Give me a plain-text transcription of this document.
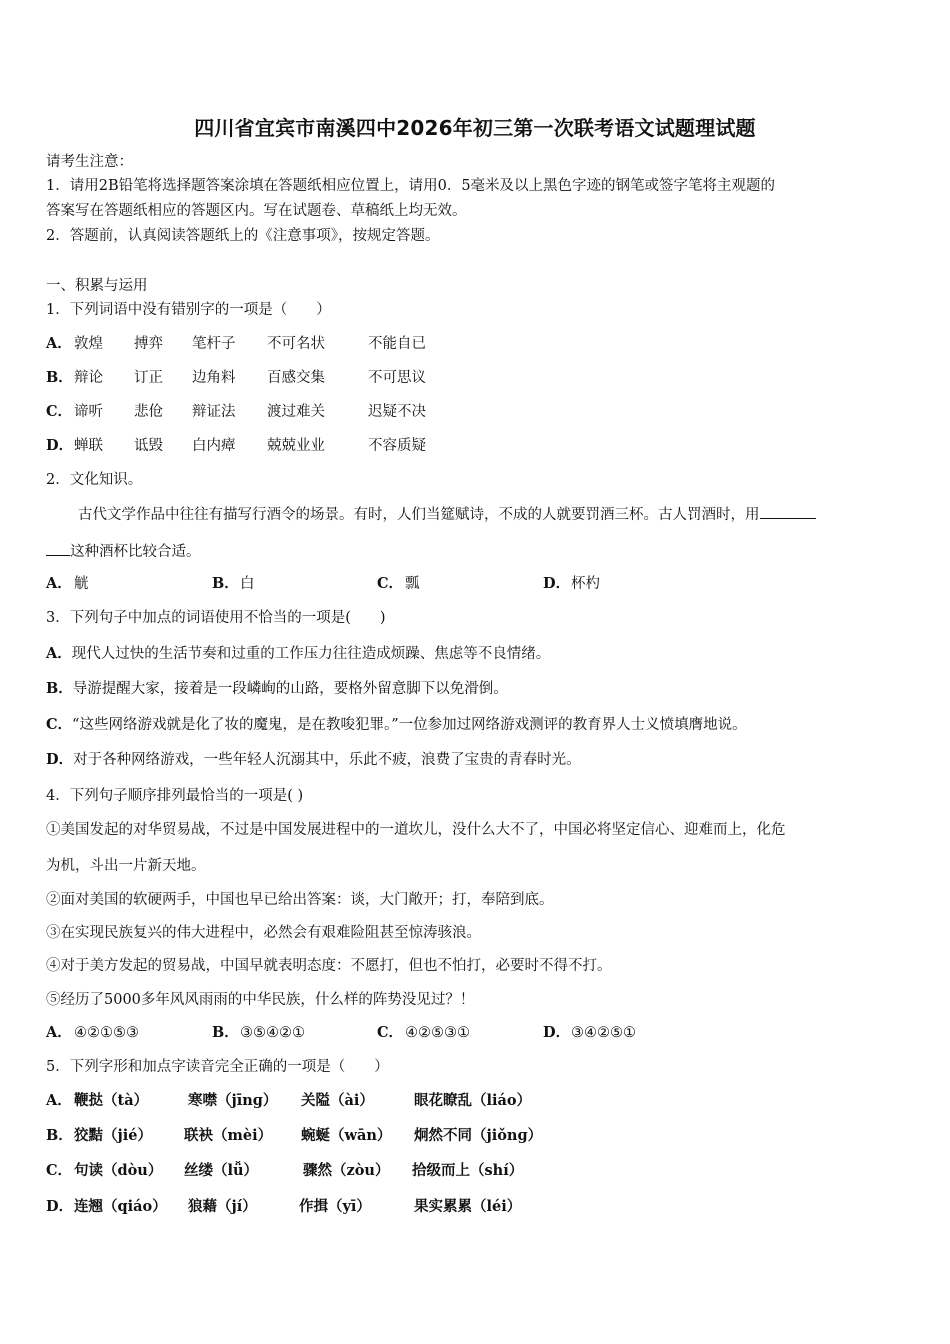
四川省宜宾市南溪四中2026年初三第一次联考语文试题理试题
请考生注意：
1．请用2B铅笔将选择题答案涂填在答题纸相应位置上，请用0．5毫米及以上黑色字迹的钢笔或签字笔将主观题的
答案写在答题纸相应的答题区内。写在试题卷、草稿纸上均无效。
2．答题前，认真阅读答题纸上的《注意事项》，按规定答题。
一、积累与运用
1．下列词语中没有错别字的一项是（　　）
A． 敦煌 搏弈 笔杆子 不可名状	不能自已
B． 辩论 订正 边角料 百感交集	不可思议
C． 谛听 悲伧 辩证法 渡过难关	迟疑不决
D． 蝉联 诋毁 白内瘴 兢兢业业	不容质疑
2．文化知识。
古代文学作品中往往有描写行酒令的场景。有时，人们当筵赋诗，不成的人就要罚酒三杯。古人罚酒时，用
这种酒杯比较合适。
A． 觥	B． 白	C． 瓢	D． 杯杓
3．下列句子中加点的词语使用不恰当的一项是(　　)
A．现代人过快的生活节奏和过重的工作压力往往造成烦躁、焦虑等不良情绪。
B．导游提醒大家，接着是一段嶙峋的山路，要格外留意脚下以免滑倒。
C．“这些网络游戏就是化了妆的魔鬼，是在教唆犯罪。”一位参加过网络游戏测评的教育界人士义愤填膺地说。
D．对于各种网络游戏，一些年轻人沉溺其中，乐此不疲，浪费了宝贵的青春时光。
4．下列句子顺序排列最恰当的一项是( )
①美国发起的对华贸易战，不过是中国发展进程中的一道坎儿，没什么大不了，中国必将坚定信心、迎难而上，化危
为机，斗出一片新天地。
②面对美国的软硬两手，中国也早已给出答案：谈，大门敞开；打，奉陪到底。
③在实现民族复兴的伟大进程中，必然会有艰难险阻甚至惊涛骇浪。
④对于美方发起的贸易战，中国早就表明态度：不愿打，但也不怕打，必要时不得不打。
⑤经历了5000多年风风雨雨的中华民族，什么样的阵势没见过？！
A． ④②①⑤③	B． ③⑤④②①	C． ④②⑤③①	D． ③④②⑤①
5．下列字形和加点字读音完全正确的一项是（　　）
A． 鞭挞（tà）	寒噤（jīnɡ） 关隘（ài）	眼花瞭乱（liáo）
B． 狡黠（jié） 联袂（mèi） 蜿蜒（wān） 炯然不同（jiǒnɡ）
C． 句读（dòu） 丝缕（lǚ）	骤然（zòu） 拾级而上（shí）
D． 连翘（qiáo） 狼藉（jí）	作揖（yī）	果实累累（léi）
